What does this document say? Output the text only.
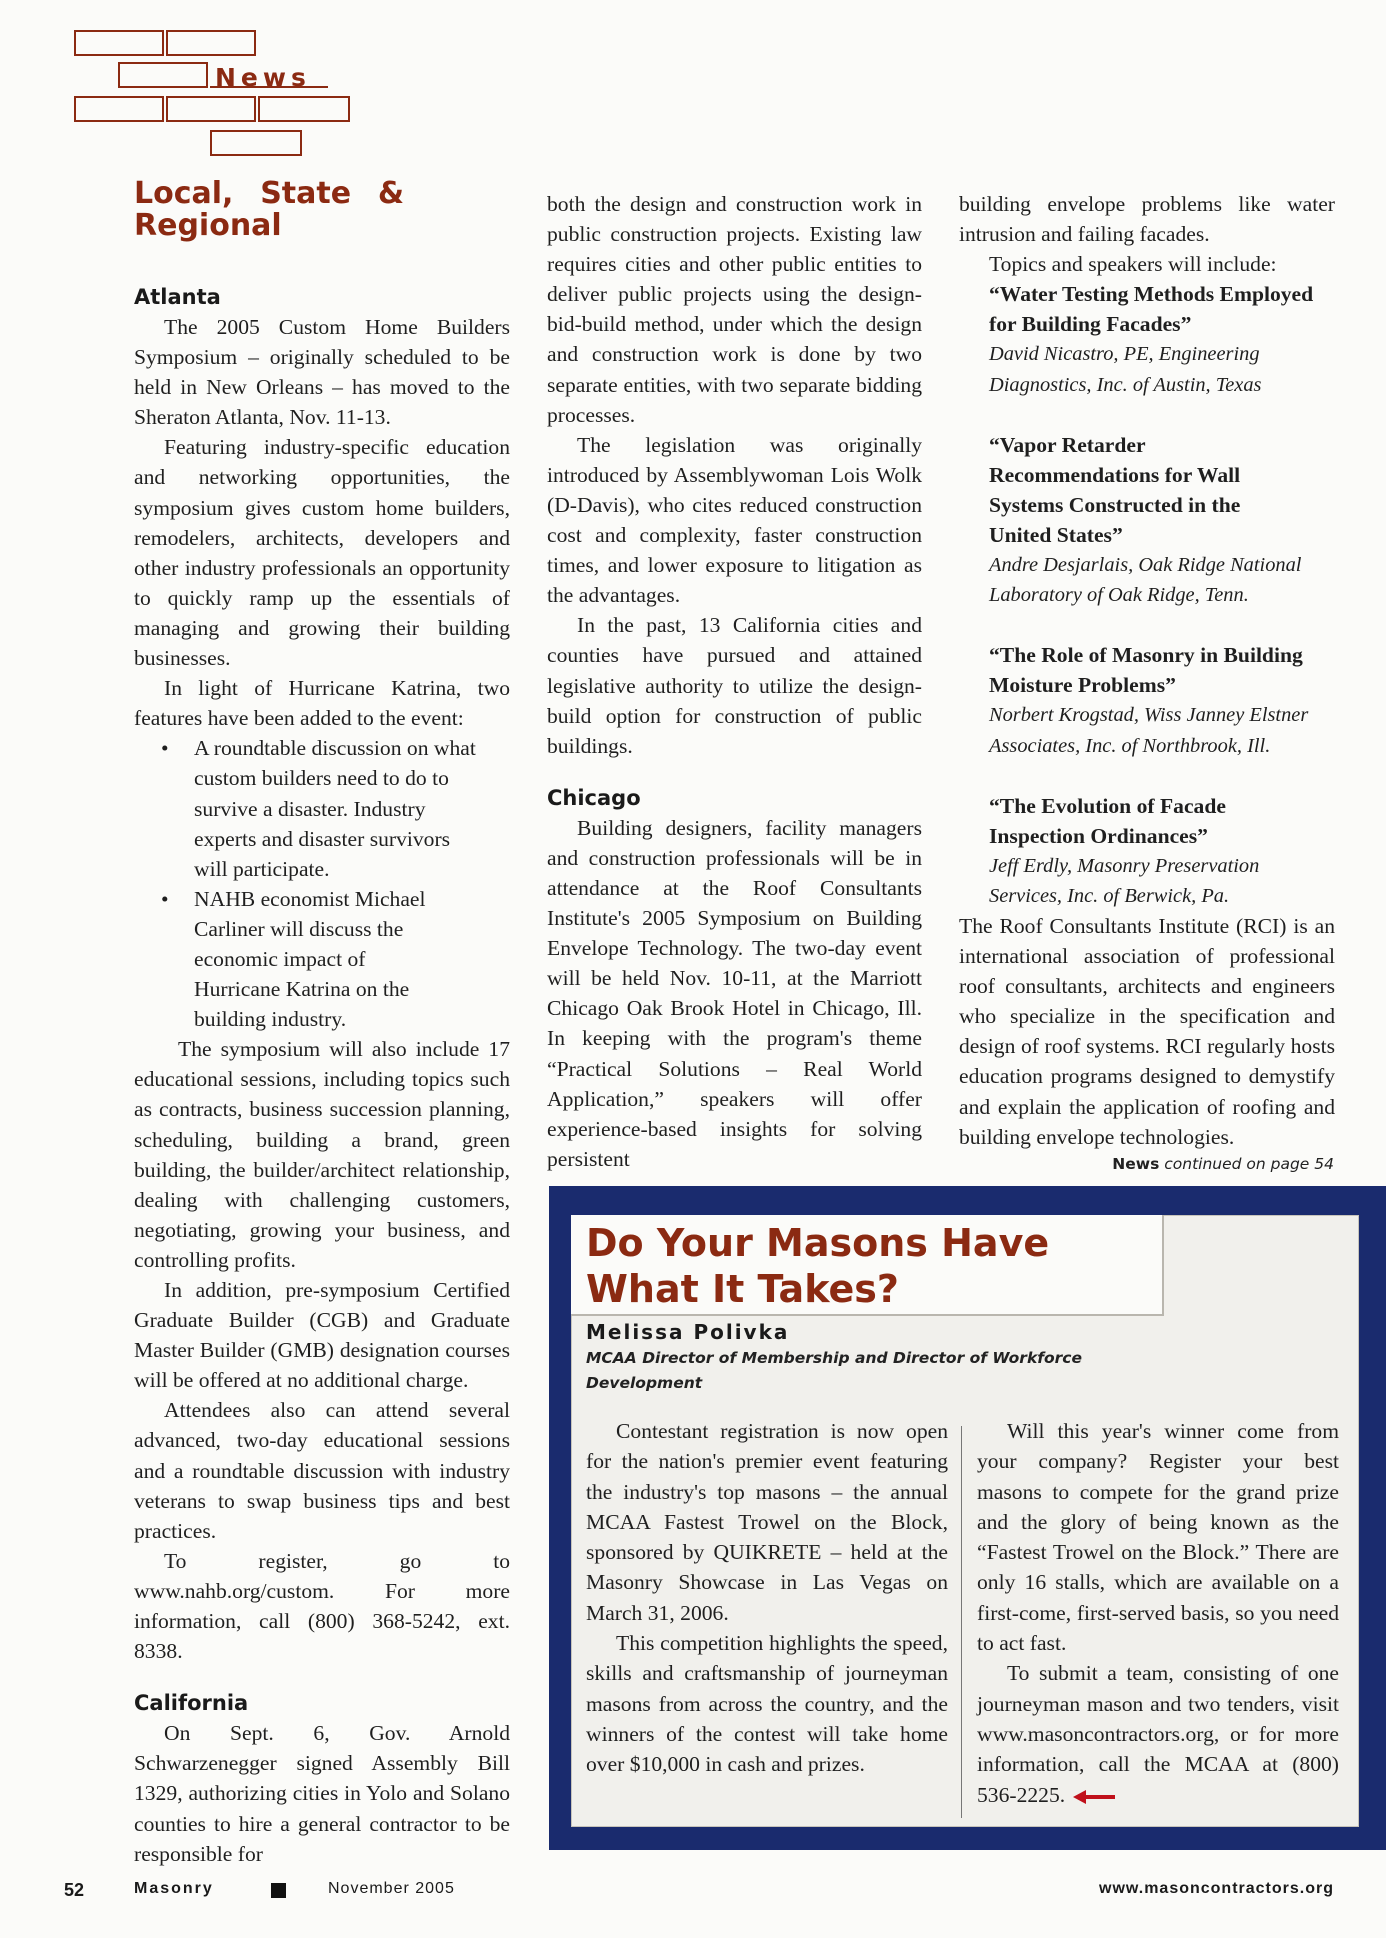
News
Local, State & Regional
Atlanta

The 2005 Custom Home Builders Symposium – originally scheduled to be held in New Orleans – has moved to the Sheraton Atlanta, Nov. 11-13.

Featuring industry-specific education and networking opportunities, the symposium gives custom home builders, remodelers, architects, developers and other industry professionals an opportunity to quickly ramp up the essentials of managing and growing their building businesses.

In light of Hurricane Katrina, two features have been added to the event:

• A roundtable discussion on what custom builders need to do to survive a disaster. Industry experts and disaster survivors will participate.
• NAHB economist Michael Carliner will discuss the economic impact of Hurricane Katrina on the building industry.

The symposium will also include 17 educational sessions, including topics such as contracts, business succession planning, scheduling, building a brand, green building, the builder/architect relationship, dealing with challenging customers, negotiating, growing your business, and controlling profits.

In addition, pre-symposium Certified Graduate Builder (CGB) and Graduate Master Builder (GMB) designation courses will be offered at no additional charge.

Attendees also can attend several advanced, two-day educational sessions and a roundtable discussion with industry veterans to swap business tips and best practices.

To register, go to www.nahb.org/custom. For more information, call (800) 368-5242, ext. 8338.

California

On Sept. 6, Gov. Arnold Schwarzenegger signed Assembly Bill 1329, authorizing cities in Yolo and Solano counties to hire a general contractor to be responsible for

both the design and construction work in public construction projects. Existing law requires cities and other public entities to deliver public projects using the design-bid-build method, under which the design and construction work is done by two separate entities, with two separate bidding processes.

The legislation was originally introduced by Assemblywoman Lois Wolk (D-Davis), who cites reduced construction cost and complexity, faster construction times, and lower exposure to litigation as the advantages.

In the past, 13 California cities and counties have pursued and attained legislative authority to utilize the design-build option for construction of public buildings.

Chicago

Building designers, facility managers and construction professionals will be in attendance at the Roof Consultants Institute's 2005 Symposium on Building Envelope Technology. The two-day event will be held Nov. 10-11, at the Marriott Chicago Oak Brook Hotel in Chicago, Ill. In keeping with the program's theme “Practical Solutions – Real World Application,” speakers will offer experience-based insights for solving persistent

building envelope problems like water intrusion and failing facades.

Topics and speakers will include:

“Water Testing Methods Employed for Building Facades”
David Nicastro, PE, Engineering Diagnostics, Inc. of Austin, Texas
“Vapor Retarder Recommendations for Wall Systems Constructed in the United States”
Andre Desjarlais, Oak Ridge National Laboratory of Oak Ridge, Tenn.
“The Role of Masonry in Building Moisture Problems”
Norbert Krogstad, Wiss Janney Elstner Associates, Inc. of Northbrook, Ill.
“The Evolution of Facade Inspection Ordinances”
Jeff Erdly, Masonry Preservation Services, Inc. of Berwick, Pa.

The Roof Consultants Institute (RCI) is an international association of professional roof consultants, architects and engineers who specialize in the specification and design of roof systems. RCI regularly hosts education programs designed to demystify and explain the application of roofing and building envelope technologies.

News continued on page 54
Do Your Masons Have What It Takes?
Melissa Polivka
MCAA Director of Membership and Director of Workforce Development

Contestant registration is now open for the nation's premier event featuring the industry's top masons – the annual MCAA Fastest Trowel on the Block, sponsored by QUIKRETE – held at the Masonry Showcase in Las Vegas on March 31, 2006.

This competition highlights the speed, skills and craftsmanship of journeyman masons from across the country, and the winners of the contest will take home over $10,000 in cash and prizes.

Will this year's winner come from your company? Register your best masons to compete for the grand prize and the glory of being known as the “Fastest Trowel on the Block.” There are only 16 stalls, which are available on a first-come, first-served basis, so you need to act fast.

To submit a team, consisting of one journeyman mason and two tenders, visit www.masoncontractors.org, or for more information, call the MCAA at (800) 536-2225.

52	Masonry	November 2005	www.masoncontractors.org
